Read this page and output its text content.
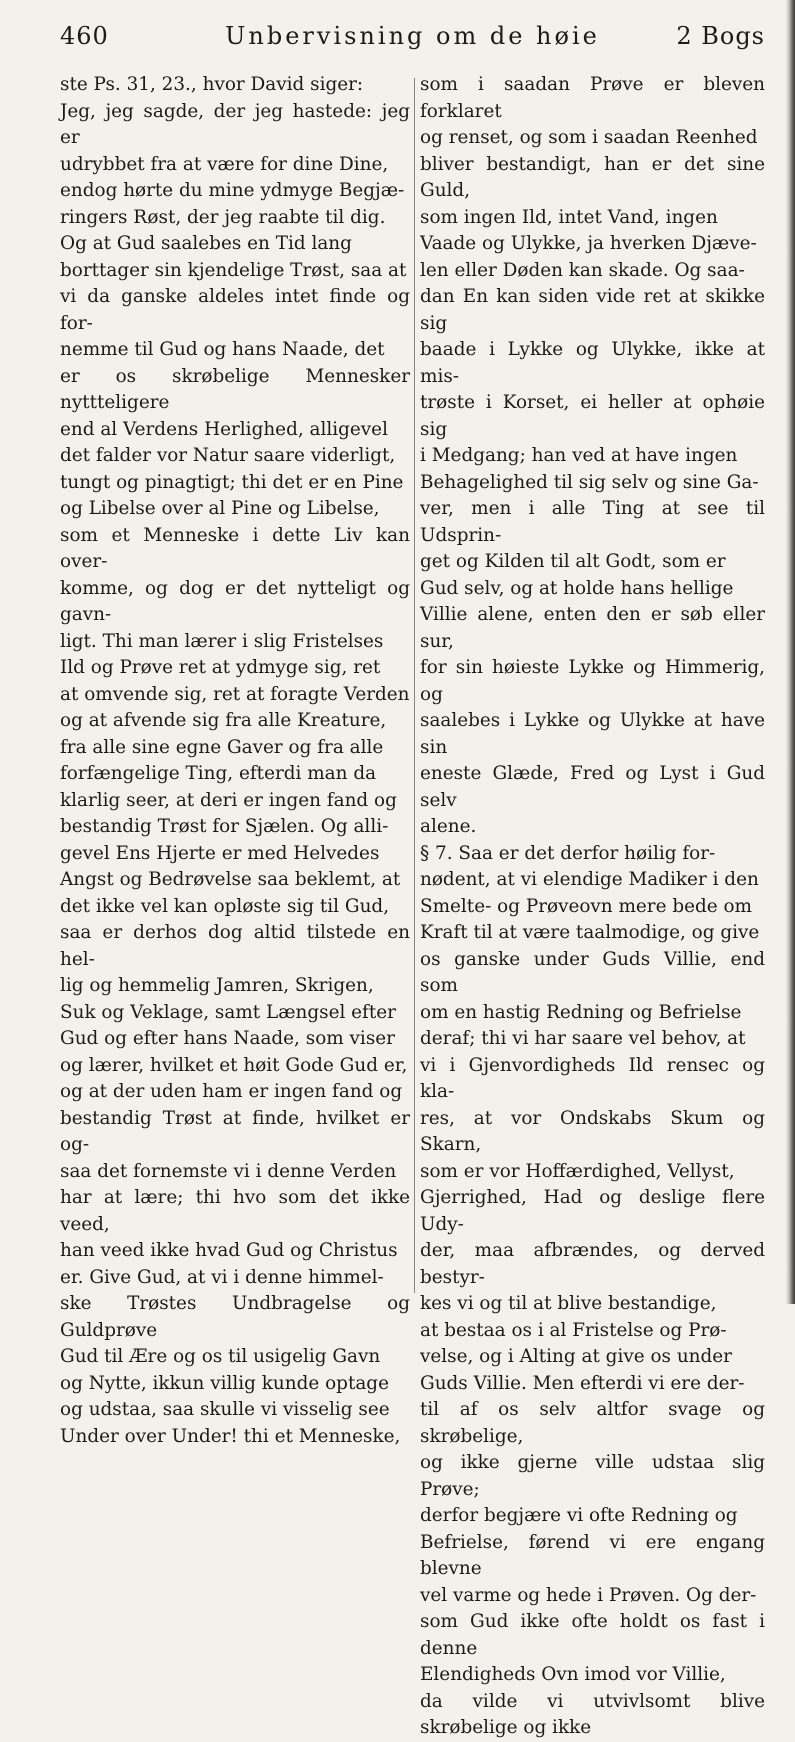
460	Unbervisning om de høie	2 Bogs

ste Ps. 31, 23., hvor David siger:

Jeg, jeg sagde, der jeg hastede: jeg er

udrybbet fra at være for dine Dine,

endog hørte du mine ydmyge Begjæ-

ringers Røst, der jeg raabte til dig.

Og at Gud saalebes en Tid lang

borttager sin kjendelige Trøst, saa at

vi da ganske aldeles intet finde og for-

nemme til Gud og hans Naade, det

er os skrøbelige Mennesker nyttteligere

end al Verdens Herlighed, alligevel

det falder vor Natur saare viderligt,

tungt og pinagtigt; thi det er en Pine

og Libelse over al Pine og Libelse,

som et Menneske i dette Liv kan over-

komme, og dog er det nytteligt og gavn-

ligt. Thi man lærer i slig Fristelses

Ild og Prøve ret at ydmyge sig, ret

at omvende sig, ret at foragte Verden

og at afvende sig fra alle Kreature,

fra alle sine egne Gaver og fra alle

forfængelige Ting, efterdi man da

klarlig seer, at deri er ingen fand og

bestandig Trøst for Sjælen. Og alli-

gevel Ens Hjerte er med Helvedes

Angst og Bedrøvelse saa beklemt, at

det ikke vel kan opløste sig til Gud,

saa er derhos dog altid tilstede en hel-

lig og hemmelig Jamren, Skrigen,

Suk og Veklage, samt Længsel efter

Gud og efter hans Naade, som viser

og lærer, hvilket et høit Gode Gud er,

og at der uden ham er ingen fand og

bestandig Trøst at finde, hvilket er og-

saa det fornemste vi i denne Verden

har at lære; thi hvo som det ikke veed,

han veed ikke hvad Gud og Christus

er. Give Gud, at vi i denne himmel-

ske Trøstes Undbragelse og Guldprøve

Gud til Ære og os til usigelig Gavn

og Nytte, ikkun villig kunde optage

og udstaa, saa skulle vi visselig see

Under over Under! thi et Menneske,

som i saadan Prøve er bleven forklaret

og renset, og som i saadan Reenhed

bliver bestandigt, han er det sine Guld,

som ingen Ild, intet Vand, ingen

Vaade og Ulykke, ja hverken Djæve-

len eller Døden kan skade. Og saa-

dan En kan siden vide ret at skikke sig

baade i Lykke og Ulykke, ikke at mis-

trøste i Korset, ei heller at ophøie sig

i Medgang; han ved at have ingen

Behagelighed til sig selv og sine Ga-

ver, men i alle Ting at see til Udsprin-

get og Kilden til alt Godt, som er

Gud selv, og at holde hans hellige

Villie alene, enten den er søb eller sur,

for sin høieste Lykke og Himmerig, og

saalebes i Lykke og Ulykke at have sin

eneste Glæde, Fred og Lyst i Gud selv

alene.

§ 7. Saa er det derfor høilig for-

nødent, at vi elendige Madiker i den

Smelte- og Prøveovn mere bede om

Kraft til at være taalmodige, og give

os ganske under Guds Villie, end som

om en hastig Redning og Befrielse

deraf; thi vi har saare vel behov, at

vi i Gjenvordigheds Ild rensес og kla-

res, at vor Ondskabs Skum og Skarn,

som er vor Hoffærdighed, Vellyst,

Gjerrighed, Had og deslige flere Udy-

der, maa afbrændes, og derved bestyr-

kes vi og til at blive bestandige,

at bestaa os i al Fristelse og Prø-

velse, og i Alting at give os under

Guds Villie. Men efterdi vi ere der-

til af os selv altfor svage og skrøbelige,

og ikke gjerne ville udstaa slig Prøve;

derfor begjære vi ofte Redning og

Befrielse, førend vi ere engang blevne

vel varme og hede i Prøven. Og der-

som Gud ikke ofte holdt os fast i denne

Elendigheds Ovn imod vor Villie,

da vilde vi utvivlsomt blive skrøbelige og ikke
